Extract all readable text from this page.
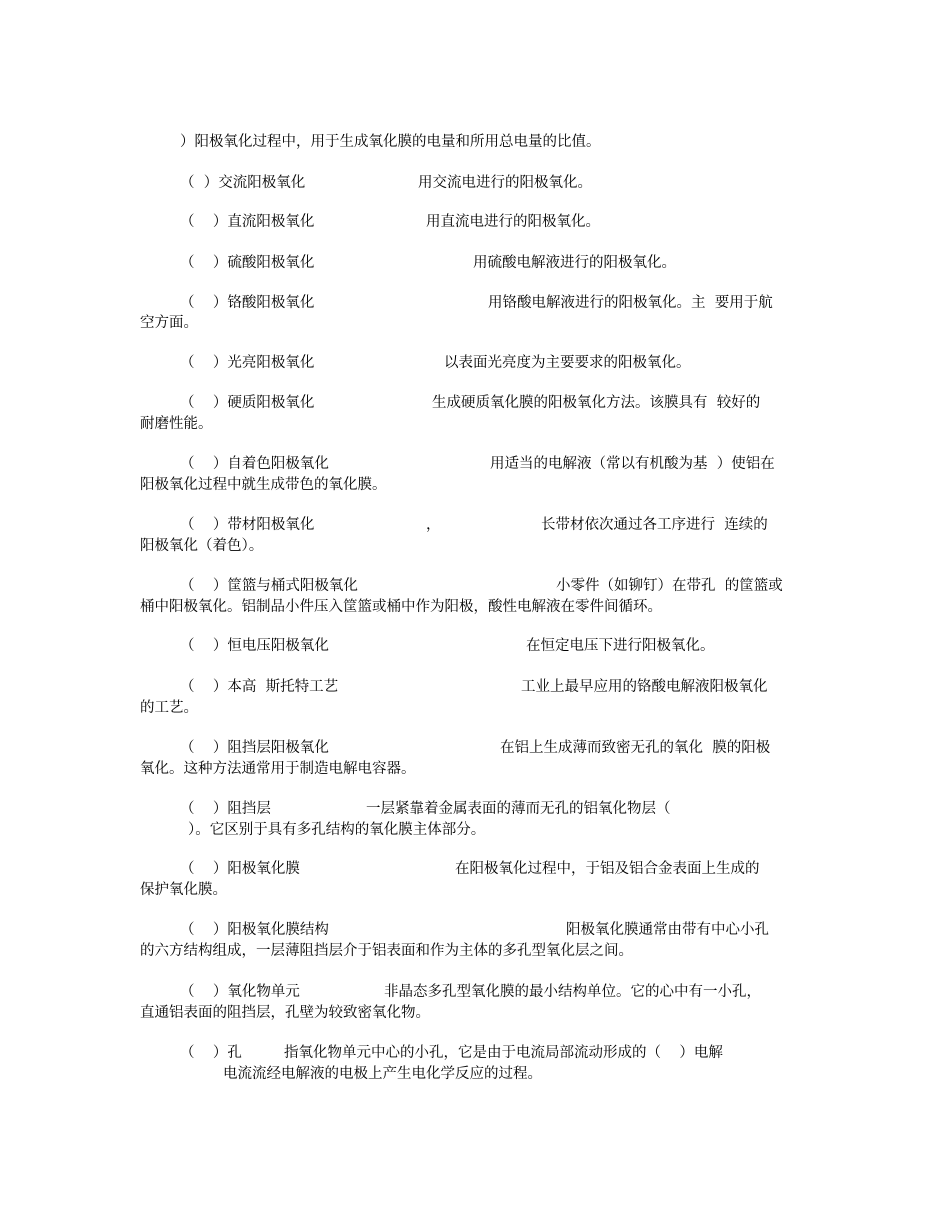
）阳极氧化过程中，用于生成氧化膜的电量和所用总电量的比值。
（  ）交流阳极氧化	用交流电进行的阳极氧化。
（    ）直流阳极氧化	用直流电进行的阳极氧化。
（    ）硫酸阳极氧化	用硫酸电解液进行的阳极氧化。
（    ）铬酸阳极氧化	用铬酸电解液进行的阳极氧化。主  要用于航
空方面。
（    ）光亮阳极氧化	以表面光亮度为主要要求的阳极氧化。
（    ）硬质阳极氧化	生成硬质氧化膜的阳极氧化方法。该膜具有  较好的
耐磨性能。
（    ）自着色阳极氧化	用适当的电解液（常以有机酸为基  ）使铝在
阳极氧化过程中就生成带色的氧化膜。
（    ）带材阳极氧化	，	长带材依次通过各工序进行  连续的
阳极氧化（着色）。
（    ）筐篮与桶式阳极氧化	小零件（如铆钉）在带孔  的筐篮或
桶中阳极氧化。铝制品小件压入筐篮或桶中作为阳极，酸性电解液在零件间循环。
（    ）恒电压阳极氧化	在恒定电压下进行阳极氧化。
（    ）本高  斯托特工艺	工业上最早应用的铬酸电解液阳极氧化
的工艺。
（    ）阻挡层阳极氧化	在铝上生成薄而致密无孔的氧化  膜的阳极
氧化。这种方法通常用于制造电解电容器。
（    ）阻挡层	一层紧靠着金属表面的薄而无孔的铝氧化物层（
）。它区别于具有多孔结构的氧化膜主体部分。
（    ）阳极氧化膜	在阳极氧化过程中，于铝及铝合金表面上生成的
保护氧化膜。
（    ）阳极氧化膜结构	阳极氧化膜通常由带有中心小孔
的六方结构组成，一层薄阻挡层介于铝表面和作为主体的多孔型氧化层之间。
（    ）氧化物单元	非晶态多孔型氧化膜的最小结构单位。它的心中有一小孔，
直通铝表面的阻挡层，孔壁为较致密氧化物。
（    ）孔	指氧化物单元中心的小孔，它是由于电流局部流动形成的（    ）电解
电流流经电解液的电极上产生电化学反应的过程。
